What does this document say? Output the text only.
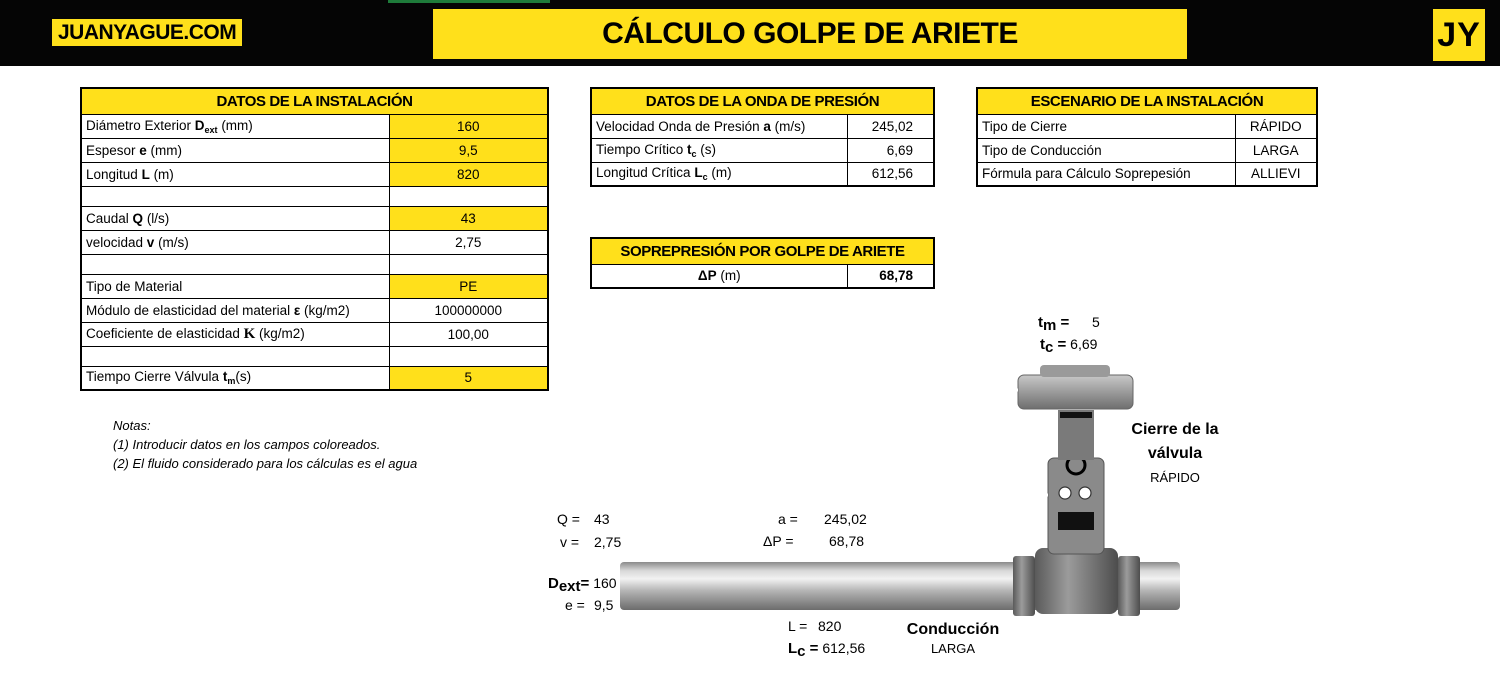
JUANYAGUE.COM	CÁLCULO GOLPE DE ARIETE	JY
DATOS DE LA INSTALACIÓN	
Diámetro Exterior $D_{ext}$ (mm)	160
Espesor e (mm)	9,5
Longitud L (m)	820

Caudal Q (l/s)	43
velocidad v (m/s)	2,75

Tipo de Material	PE
Módulo de elasticidad del material ε (kg/m2)	100000000
Coeficiente de elasticidad K (kg/m2)	100,00

Tiempo Cierre Válvula $t_m(s)$	5
DATOS DE LA ONDA DE PRESIÓN	
Velocidad Onda de Presión a (m/s)	245,02
Tiempo Crítico $t_c$ (s)	6,69
Longitud Crítica $L_c$ (m)	612,56
ESCENARIO DE LA INSTALACIÓN	
Tipo de Cierre	RÁPIDO
Tipo de Conducción	LARGA
Fórmula para Cálculo Soprepesión	ALLIEVI
SOPREPRESIÓN POR GOLPE DE ARIETE
ΔP (m)	68,78
Notas:
(1) Introducir datos en los campos coloreados.
(2) El fluido considerado para los cálculas es el agua
$t_m = 5$
$t_c = 6,69$
Q = 43
v = 2,75
a = 245,02
ΔP =	68,78
$D_{ext}= 160$
e = 9,5
L = 820
$L_c = 612,56$
Cierre de la
válvula
RÁPIDO
Conducción
LARGA
